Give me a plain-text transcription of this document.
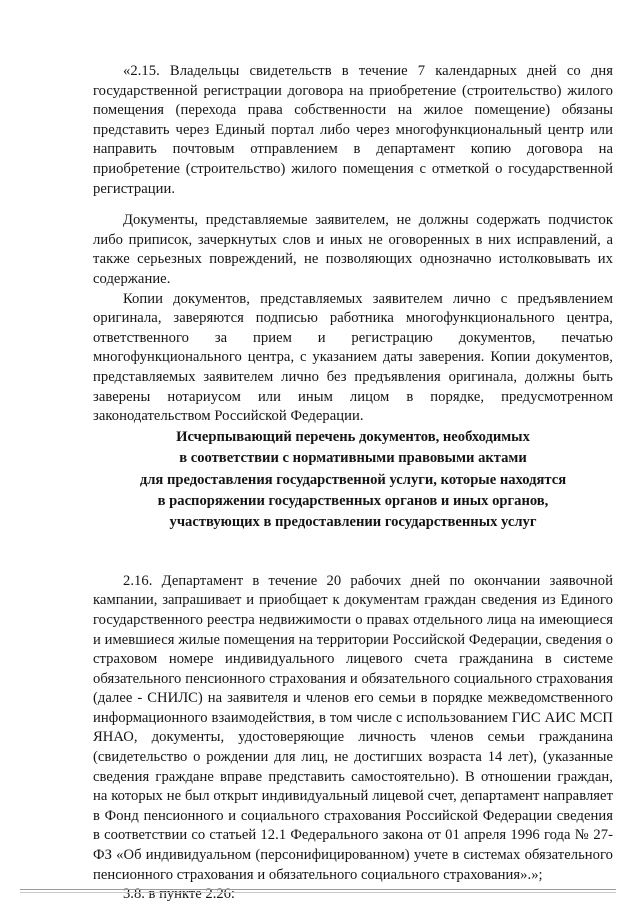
«2.15. Владельцы свидетельств в течение 7 календарных дней со дня государственной регистрации договора на приобретение (строительство) жилого помещения (перехода права собственности на жилое помещение) обязаны представить через Единый портал либо через многофункциональный центр или направить почтовым отправлением в департамент копию договора на приобретение (строительство) жилого помещения с отметкой о государственной регистрации.

Документы, представляемые заявителем, не должны содержать подчисток либо приписок, зачеркнутых слов и иных не оговоренных в них исправлений, а также серьезных повреждений, не позволяющих однозначно истолковывать их содержание.

Копии документов, представляемых заявителем лично с предъявлением оригинала, заверяются подписью работника многофункционального центра, ответственного за прием и регистрацию документов, печатью многофункционального центра, с указанием даты заверения. Копии документов, представляемых заявителем лично без предъявления оригинала, должны быть заверены нотариусом или иным лицом в порядке, предусмотренном законодательством Российской Федерации.

Исчерпывающий перечень документов, необходимых

в соответствии с нормативными правовыми актами

для предоставления государственной услуги, которые находятся

в распоряжении государственных органов и иных органов,

участвующих в предоставлении государственных услуг

2.16. Департамент в течение 20 рабочих дней по окончании заявочной кампании, запрашивает и приобщает к документам граждан сведения из Единого государственного реестра недвижимости о правах отдельного лица на имеющиеся и имевшиеся жилые помещения на территории Российской Федерации, сведения о страховом номере индивидуального лицевого счета гражданина в системе обязательного пенсионного страхования и обязательного социального страхования (далее - СНИЛС) на заявителя и членов его семьи в порядке межведомственного информационного взаимодействия, в том числе с использованием ГИС АИС МСП ЯНАО, документы, удостоверяющие личность членов семьи гражданина (свидетельство о рождении для лиц, не достигших возраста 14 лет), (указанные сведения граждане вправе представить самостоятельно). В отношении граждан, на которых не был открыт индивидуальный лицевой счет, департамент направляет в Фонд пенсионного и социального страхования Российской Федерации сведения в соответствии со статьей 12.1 Федерального закона от 01 апреля 1996 года № 27-ФЗ «Об индивидуальном (персонифицированном) учете в системах обязательного пенсионного страхования и обязательного социального страхования».»;

3.8. в пункте 2.26:
